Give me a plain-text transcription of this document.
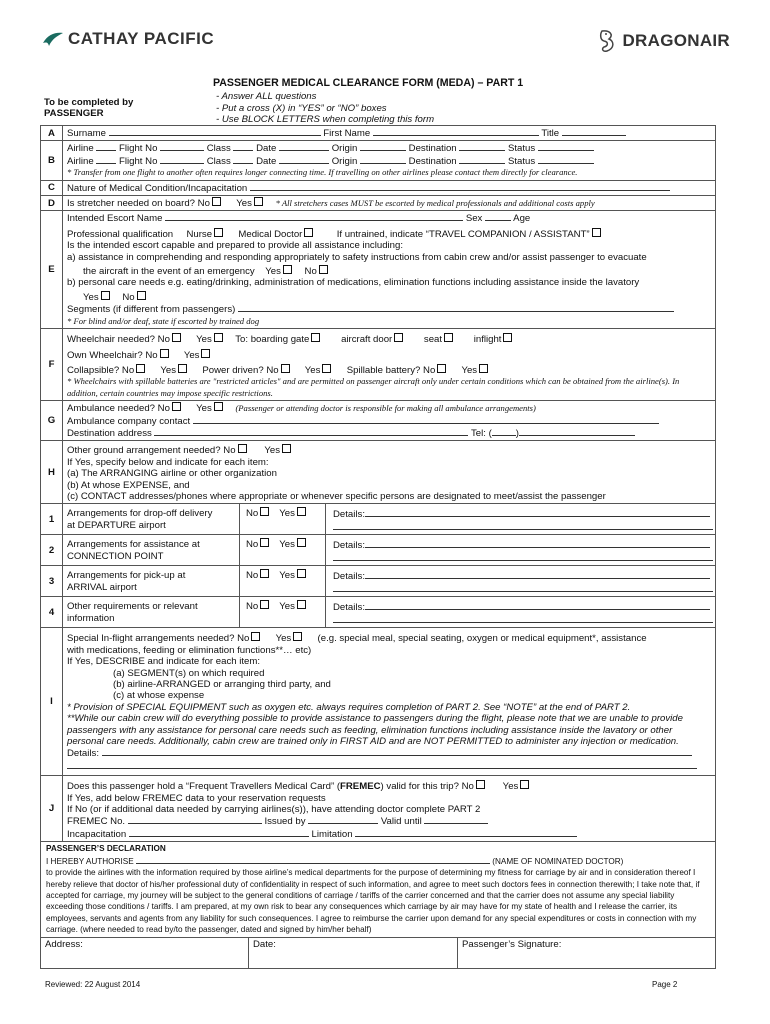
CATHAY PACIFIC	DRAGONAIR
PASSENGER MEDICAL CLEARANCE FORM (MEDA) – PART 1
To be completed by
PASSENGER
- Answer ALL questions
- Put a cross (X) in “YES” or “NO” boxes
- Use BLOCK LETTERS when completing this form
A	Surname	First Name	Title
B	
Airline	Flight No	Class	Date	Origin	Destination	Status
Airline	Flight No	Class	Date	Origin	Destination	Status
* Transfer from one flight to another often requires longer connecting time. If travelling on other airlines please contact them directly for clearance.

C	Nature of Medical Condition/Incapacitation
D	Is stretcher needed on board? No	Yes	* All stretchers cases MUST be escorted by medical professionals and additional costs apply
E	
Intended Escort Name	Sex	Age
Professional qualification Nurse	Medical Doctor	If untrained, indicate “TRAVEL COMPANION / ASSISTANT”
Is the intended escort capable and prepared to provide all assistance including:
a) assistance in comprehending and responding appropriately to safety instructions from cabin crew and/or assist passenger to evacuate
the aircraft in the event of an emergency Yes No
b) personal care needs e.g. eating/drinking, administration of medications, elimination functions including assistance inside the lavatory
Yes No
Segments (if different from passengers)
* For blind and/or deaf, state if escorted by trained dog

F	
Wheelchair needed? No	Yes To: boarding gate	aircraft door	seat	inflight
Own Wheelchair? No	Yes
Collapsible? No	Yes	Power driven? No	Yes	Spillable battery? No	Yes
* Wheelchairs with spillable batteries are "restricted articles" and are permitted on passenger aircraft only under certain conditions which can be obtained from the airline(s). In addition, certain countries may impose specific restrictions.

G	
Ambulance needed? No	Yes	(Passenger or attending doctor is responsible for making all ambulance arrangements)
Ambulance company contact
Destination address	Tel: (	)

H	
Other ground arrangement needed? No	Yes
If Yes, specify below and indicate for each item:
(a) The ARRANGING airline or other organization
(b) At whose EXPENSE, and
(c) CONTACT addresses/phones where appropriate or whenever specific persons are designated to meet/assist the passenger

1	Arrangements for drop-off delivery
at DEPARTURE airport
No Yes	Details:

2	Arrangements for assistance at
CONNECTION POINT
No Yes	Details:

3	Arrangements for pick-up at
ARRIVAL airport
No Yes	Details:

4	Other requirements or relevant
information
No Yes	Details:

I	
Special In-flight arrangements needed? No	Yes	(e.g. special meal, special seating, oxygen or medical equipment*, assistance
with medications, feeding or elimination functions**… etc)
If Yes, DESCRIBE and indicate for each item:
(a) SEGMENT(s) on which required
(b) airline-ARRANGED or arranging third party, and
(c) at whose expense
* Provision of SPECIAL EQUIPMENT such as oxygen etc. always requires completion of PART 2. See “NOTE” at the end of PART 2.
**While our cabin crew will do everything possible to provide assistance to passengers during the flight, please note that we are unable to provide passengers with any assistance for personal care needs such as feeding, elimination functions including assistance inside the lavatory or other personal care needs. Additionally, cabin crew are trained only in FIRST AID and are NOT PERMITTED to administer any injection or medication.
Details:

J	
Does this passenger hold a “Frequent Travellers Medical Card” (FREMEC) valid for this trip? No	Yes
If Yes, add below FREMEC data to your reservation requests
If No (or if additional data needed by carrying airlines(s)), have attending doctor complete PART 2
FREMEC No.	Issued by	Valid until
Incapacitation	Limitation

PASSENGER’S DECLARATION
I HEREBY AUTHORISE	(NAME OF NOMINATED DOCTOR)
to provide the airlines with the information required by those airline’s medical departments for the purpose of determining my fitness for carriage by air and in consideration thereof I hereby relieve that doctor of his/her professional duty of confidentiality in respect of such information, and agree to meet such doctors fees in connection therewith; I take note that, if accepted for carriage, my journey will be subject to the general conditions of carriage / tariffs of the carrier concerned and that the carrier does not assume any special liability exceeding those conditions / tariffs. I am prepared, at my own risk to bear any consequences which carriage by air may have for my state of health and I release the carrier, its employees, servants and agents from any liability for such consequences. I agree to reimburse the carrier upon demand for any special expenditures or costs in connection with my carriage. (where needed to read by/to the passenger, dated and signed by him/her behalf)

Address:	Date:	Passenger’s Signature:
Reviewed: 22 August 2014	Page 2
